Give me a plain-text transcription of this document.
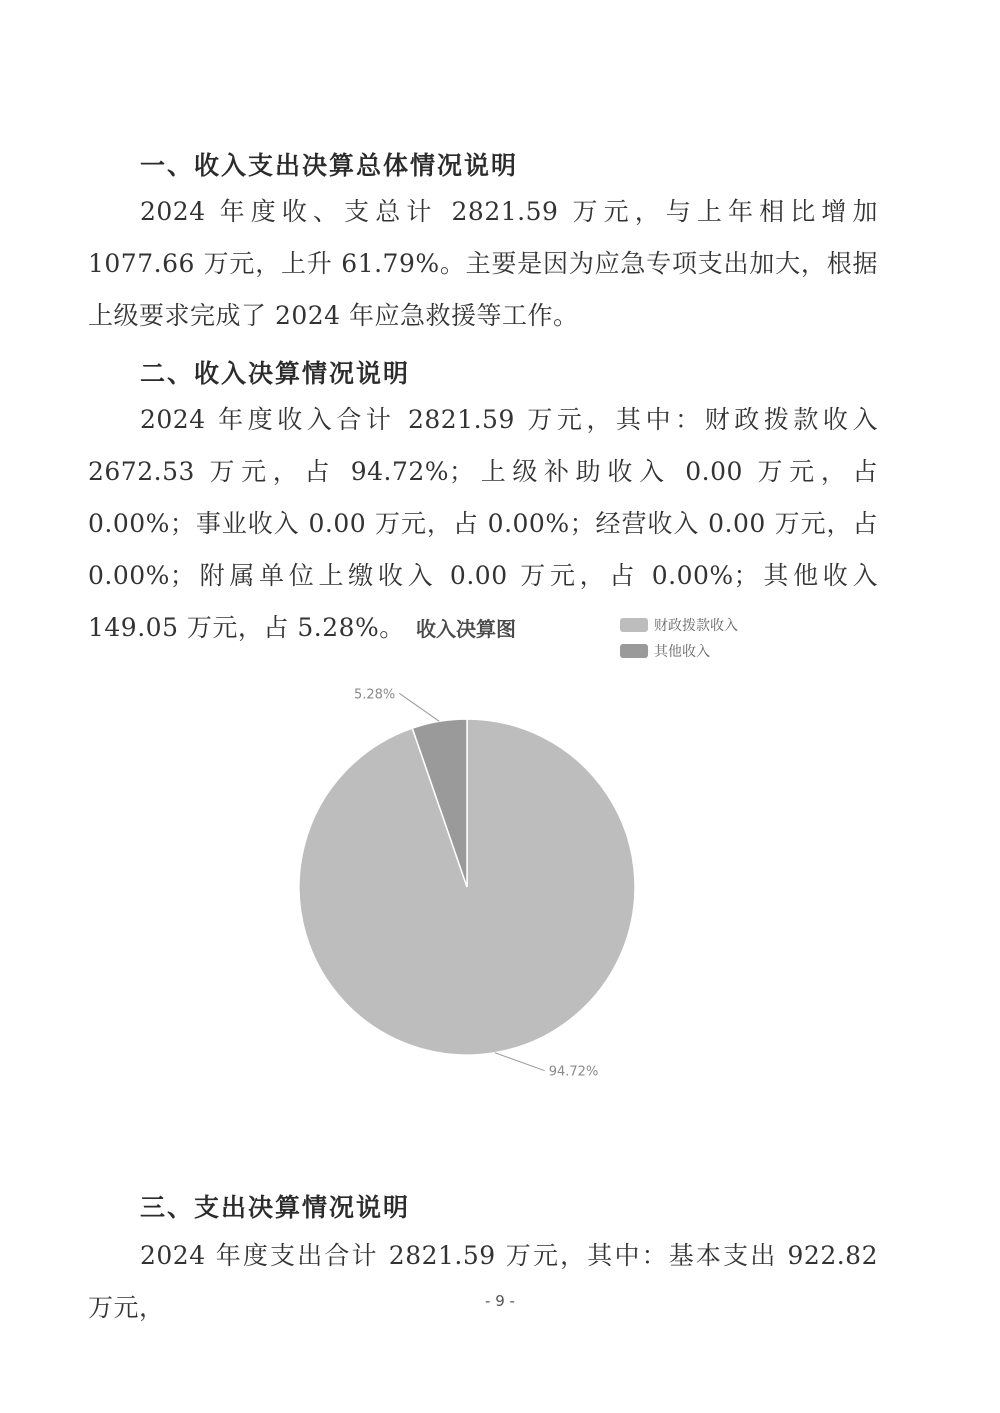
一、收入支出决算总体情况说明
2024 年度收、支总计 2821.59 万元，与上年相比增加 1077.66 万元，上升 61.79%。主要是因为应急专项支出加大，根据上级要求完成了 2024 年应急救援等工作。
二、收入决算情况说明
2024 年度收入合计 2821.59 万元，其中：财政拨款收入 2672.53 万元，占 94.72%；上级补助收入 0.00 万元，占 0.00%；事业收入 0.00 万元，占 0.00%；经营收入 0.00 万元，占 0.00%；附属单位上缴收入 0.00 万元，占 0.00%；其他收入 149.05 万元，占 5.28%。 收入决算图	财政拨款收入
其他收入
94.72%
5.28%
三、支出决算情况说明
2024 年度支出合计 2821.59 万元，其中：基本支出 922.82 万元，	- 9 -
